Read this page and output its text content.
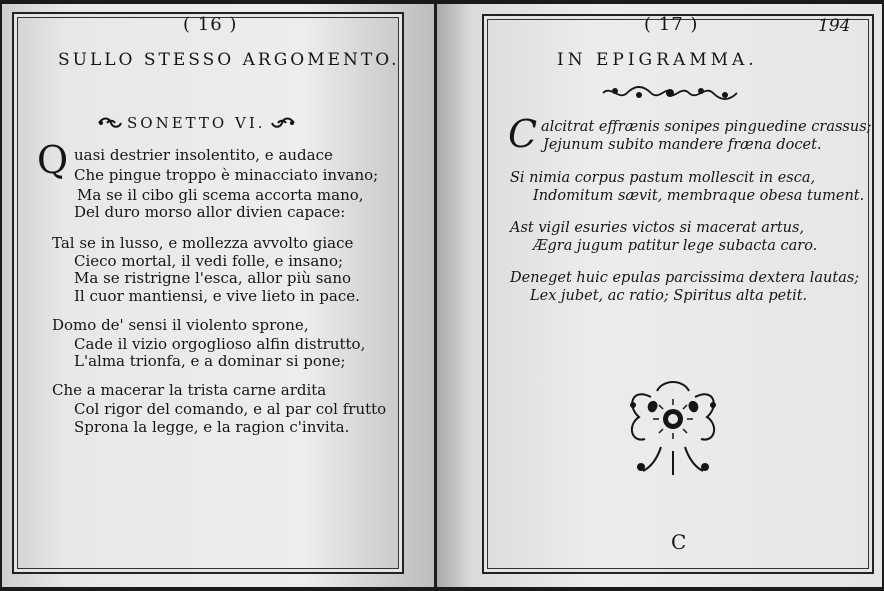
( 16 )
SULLO STESSO ARGOMENTO.
SONETTO VI.
Q uasi destrier insolentito, e audace
Che pingue troppo è minacciato invano;
Ma se il cibo gli scema accorta mano,
Del duro morso allor divien capace:
Tal se in lusso, e mollezza avvolto giace
Cieco mortal, il vedi folle, e insano;
Ma se ristrigne l'esca, allor più sano
Il cuor mantiensi, e vive lieto in pace.
Domo de' sensi il violento sprone,
Cade il vizio orgoglioso alfin distrutto,
L'alma trionfa, e a dominar si pone;
Che a macerar la trista carne ardita
Col rigor del comando, e al par col frutto
Sprona la legge, e la ragion c'invita.
( 17 )	194
IN EPIGRAMMA.
C alcitrat effrænis sonipes pinguedine crassus;
Jejunum subito mandere fræna docet.
Si nimia corpus pastum mollescit in esca,
Indomitum sævit, membraque obesa tument.
Ast vigil esuries victos si macerat artus,
Ægra jugum patitur lege subacta caro.
Deneget huic epulas parcissima dextera lautas;
Lex jubet, ac ratio; Spiritus alta petit.
C
